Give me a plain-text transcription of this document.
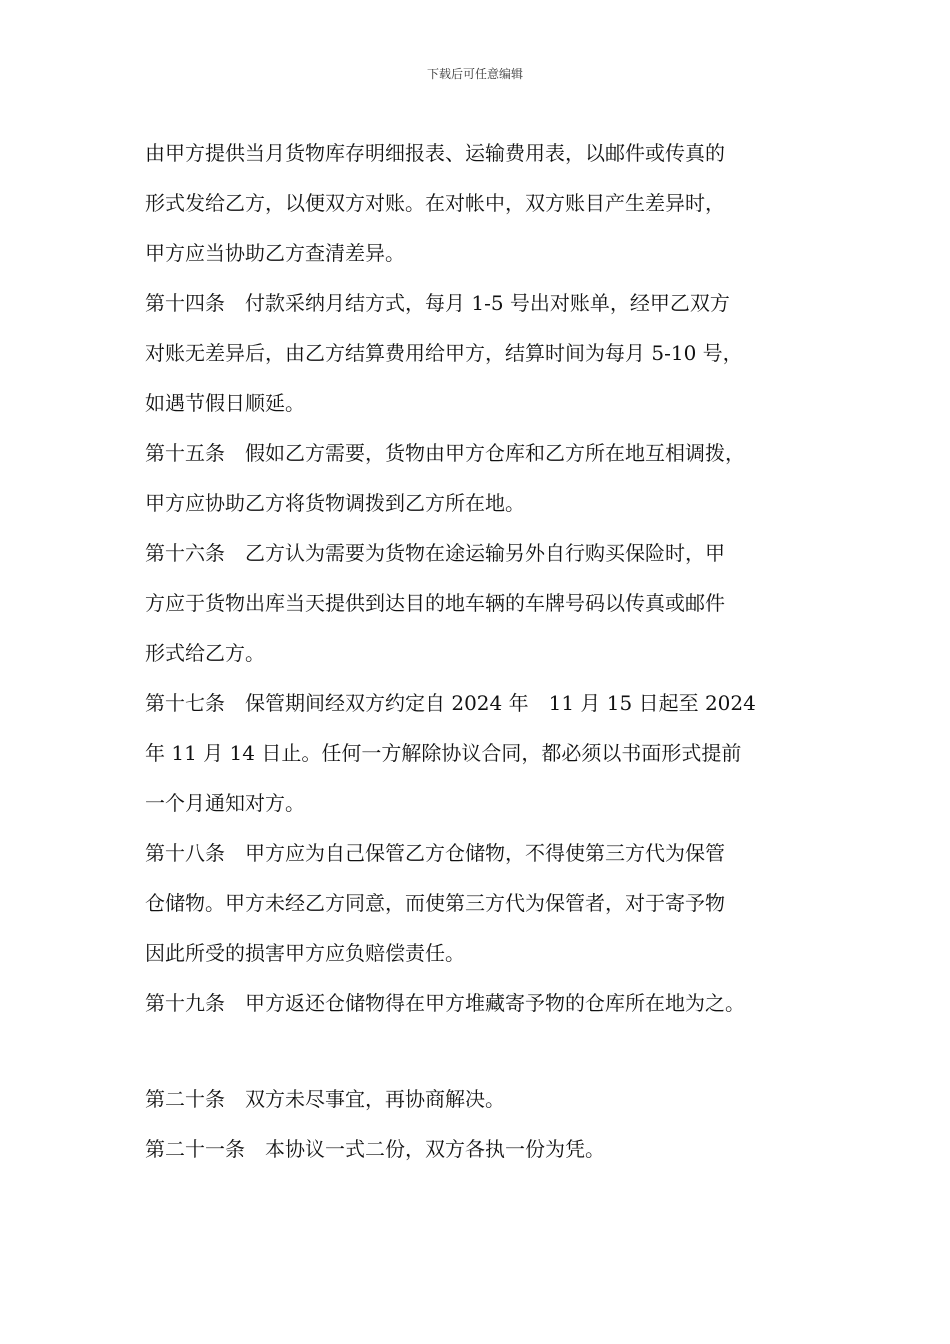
下载后可任意编辑
由甲方提供当月货物库存明细报表、运输费用表，以邮件或传真的
形式发给乙方，以便双方对账。在对帐中，双方账目产生差异时，
甲方应当协助乙方查清差异。
第十四条　付款采纳月结方式，每月 1-5 号出对账单，经甲乙双方
对账无差异后，由乙方结算费用给甲方，结算时间为每月 5-10 号，
如遇节假日顺延。
第十五条　假如乙方需要，货物由甲方仓库和乙方所在地互相调拨，
甲方应协助乙方将货物调拨到乙方所在地。
第十六条　乙方认为需要为货物在途运输另外自行购买保险时，甲
方应于货物出库当天提供到达目的地车辆的车牌号码以传真或邮件
形式给乙方。
第十七条　保管期间经双方约定自 2024 年　11 月 15 日起至 2024
年 11 月 14 日止。任何一方解除协议合同，都必须以书面形式提前
一个月通知对方。
第十八条　甲方应为自己保管乙方仓储物，不得使第三方代为保管
仓储物。甲方未经乙方同意，而使第三方代为保管者，对于寄予物
因此所受的损害甲方应负赔偿责任。
第十九条　甲方返还仓储物得在甲方堆藏寄予物的仓库所在地为之。
第二十条　双方未尽事宜，再协商解决。
第二十一条　本协议一式二份，双方各执一份为凭。
